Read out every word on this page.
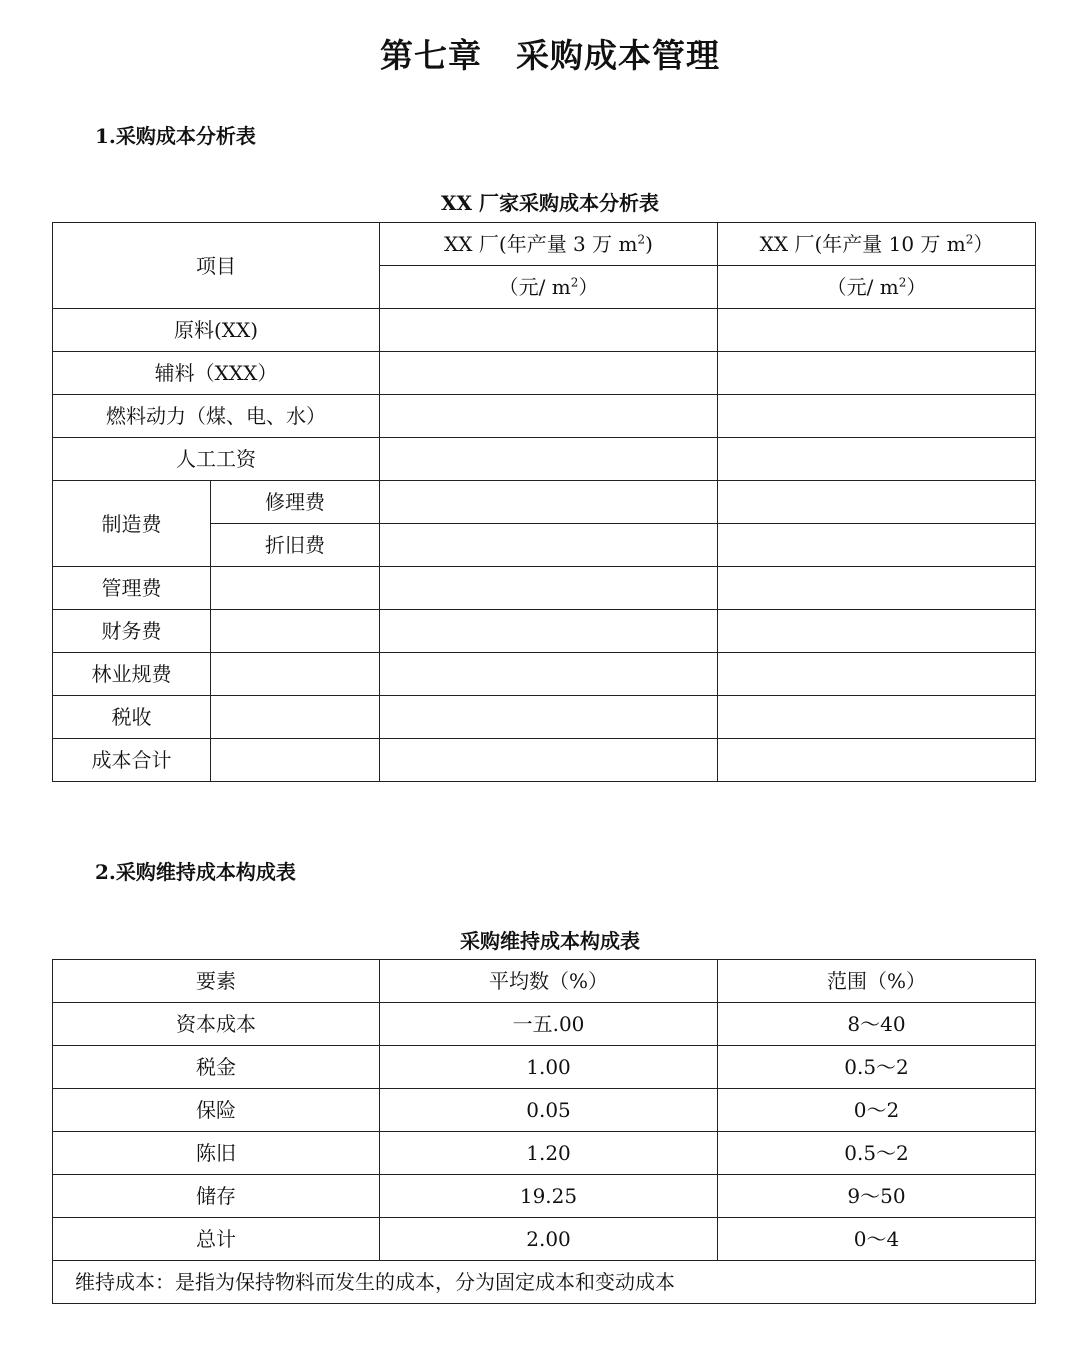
第七章　采购成本管理
1.采购成本分析表
XX 厂家采购成本分析表
项目		XX 厂(年产量 3 万 $m^2$)	XX 厂(年产量 10 万 $m^2$）
		（元/ $m^2$）	（元/ $m^2$）
原料(XX)			
辅料（XXX）			
燃料动力（煤、电、水）			
人工工资			
制造费	修理费		
	折旧费		
管理费			
财务费			
林业规费			
税收			
成本合计			
2.采购维持成本构成表
采购维持成本构成表
要素	平均数（%）	范围（%）
资本成本	一五.00	8～40
税金	1.00	0.5～2
保险	0.05	0～2
陈旧	1.20	0.5～2
储存	19.25	9～50
总计	2.00	0～4
维持成本：是指为保持物料而发生的成本，分为固定成本和变动成本		
